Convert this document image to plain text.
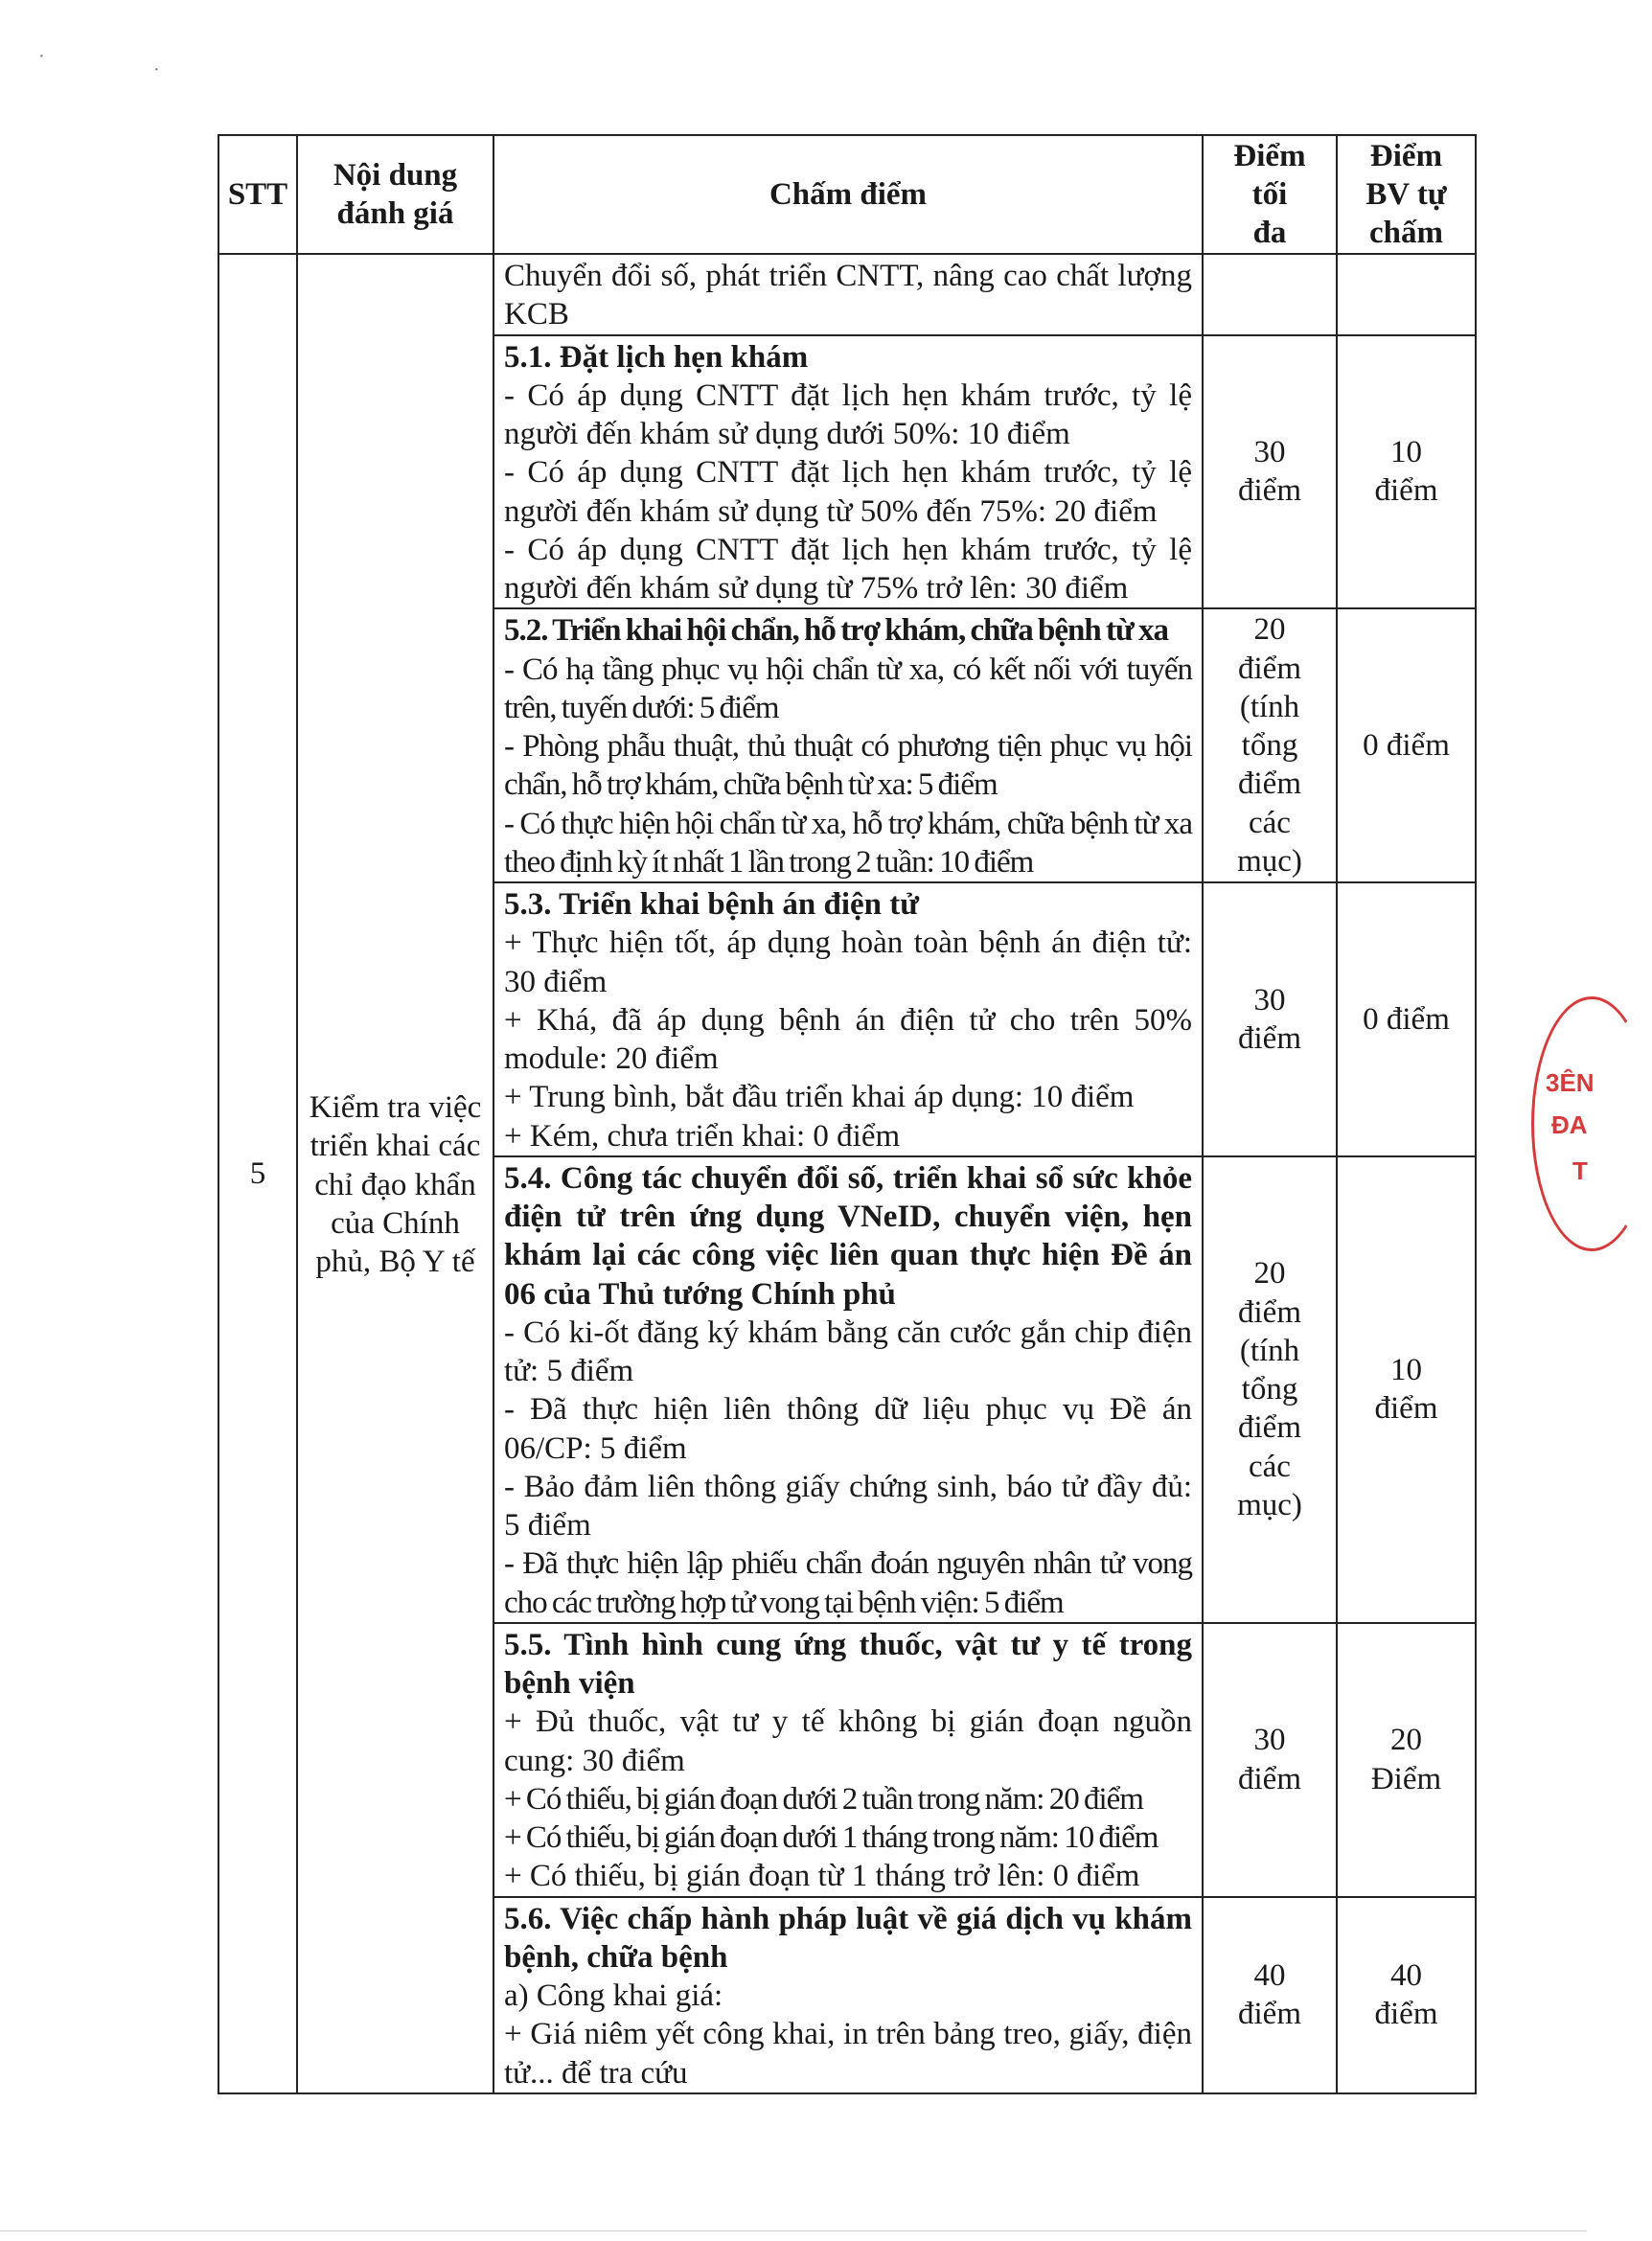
·
·
STT	Nội dung đánh giá	Chấm điểm	Điểm tối đa	Điểm BV tự chấm
5	Kiểm tra việc triển khai các chỉ đạo khẩn của Chính phủ, Bộ Y tế	Chuyển đổi số, phát triển CNTT, nâng cao chất lượng KCB		

		5.1. Đặt lịch hẹn khám
- Có áp dụng CNTT đặt lịch hẹn khám trước, tỷ lệ người đến khám sử dụng dưới 50%: 10 điểm
- Có áp dụng CNTT đặt lịch hẹn khám trước, tỷ lệ người đến khám sử dụng từ 50% đến 75%: 20 điểm
- Có áp dụng CNTT đặt lịch hẹn khám trước, tỷ lệ người đến khám sử dụng từ 75% trở lên: 30 điểm	30 điểm	10 điểm

		5.2. Triển khai hội chẩn, hỗ trợ khám, chữa bệnh từ xa
- Có hạ tầng phục vụ hội chẩn từ xa, có kết nối với tuyến trên, tuyến dưới: 5 điểm
- Phòng phẫu thuật, thủ thuật có phương tiện phục vụ hội chẩn, hỗ trợ khám, chữa bệnh từ xa: 5 điểm
- Có thực hiện hội chẩn từ xa, hỗ trợ khám, chữa bệnh từ xa theo định kỳ ít nhất 1 lần trong 2 tuần: 10 điểm	20 điểm (tính tổng điểm các mục)	0 điểm

		5.3. Triển khai bệnh án điện tử
+ Thực hiện tốt, áp dụng hoàn toàn bệnh án điện tử: 30 điểm
+ Khá, đã áp dụng bệnh án điện tử cho trên 50% module: 20 điểm
+ Trung bình, bắt đầu triển khai áp dụng: 10 điểm
+ Kém, chưa triển khai: 0 điểm	30 điểm	0 điểm

		5.4. Công tác chuyển đổi số, triển khai sổ sức khỏe điện tử trên ứng dụng VNeID, chuyển viện, hẹn khám lại các công việc liên quan thực hiện Đề án 06 của Thủ tướng Chính phủ
- Có ki-ốt đăng ký khám bằng căn cước gắn chip điện tử: 5 điểm
- Đã thực hiện liên thông dữ liệu phục vụ Đề án 06/CP: 5 điểm
- Bảo đảm liên thông giấy chứng sinh, báo tử đầy đủ: 5 điểm
- Đã thực hiện lập phiếu chẩn đoán nguyên nhân tử vong cho các trường hợp tử vong tại bệnh viện: 5 điểm	20 điểm (tính tổng điểm các mục)	10 điểm

		5.5. Tình hình cung ứng thuốc, vật tư y tế trong bệnh viện
+ Đủ thuốc, vật tư y tế không bị gián đoạn nguồn cung: 30 điểm
+ Có thiếu, bị gián đoạn dưới 2 tuần trong năm: 20 điểm
+ Có thiếu, bị gián đoạn dưới 1 tháng trong năm: 10 điểm
+ Có thiếu, bị gián đoạn từ 1 tháng trở lên: 0 điểm	30 điểm	20 Điểm

		5.6. Việc chấp hành pháp luật về giá dịch vụ khám bệnh, chữa bệnh
a) Công khai giá:
+ Giá niêm yết công khai, in trên bảng treo, giấy, điện tử... để tra cứu	40 điểm	40 điểm
3ÊN
ĐA
T
